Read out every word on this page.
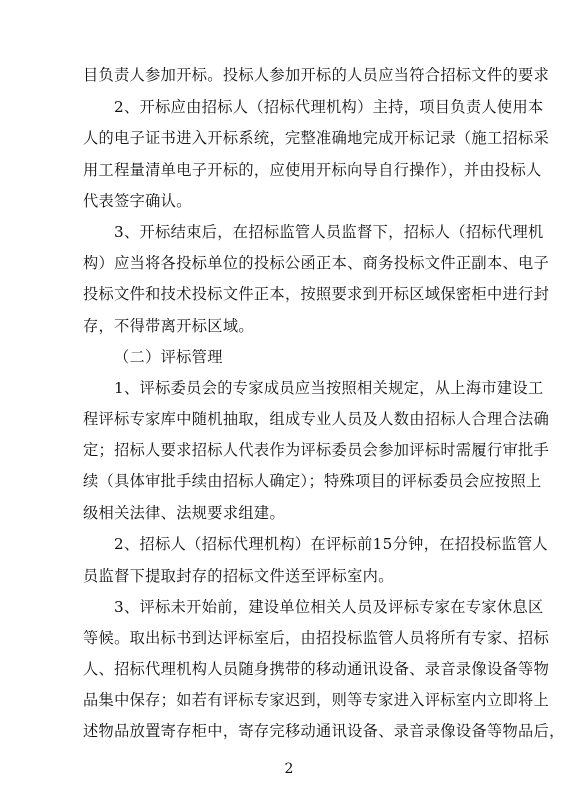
目负责人参加开标。投标人参加开标的人员应当符合招标文件的要求
2、开标应由招标人（招标代理机构）主持，项目负责人使用本
人的电子证书进入开标系统，完整准确地完成开标记录（施工招标采
用工程量清单电子开标的，应使用开标向导自行操作），并由投标人
代表签字确认。
3、开标结束后，在招标监管人员监督下，招标人（招标代理机
构）应当将各投标单位的投标公函正本、商务投标文件正副本、电子
投标文件和技术投标文件正本，按照要求到开标区域保密柜中进行封
存，不得带离开标区域。
（二）评标管理
1、评标委员会的专家成员应当按照相关规定，从上海市建设工
程评标专家库中随机抽取，组成专业人员及人数由招标人合理合法确
定；招标人要求招标人代表作为评标委员会参加评标时需履行审批手
续（具体审批手续由招标人确定）；特殊项目的评标委员会应按照上
级相关法律、法规要求组建。
2、招标人（招标代理机构）在评标前15分钟，在招投标监管人
员监督下提取封存的招标文件送至评标室内。
3、评标未开始前，建设单位相关人员及评标专家在专家休息区
等候。取出标书到达评标室后，由招投标监管人员将所有专家、招标
人、招标代理机构人员随身携带的移动通讯设备、录音录像设备等物
品集中保存；如若有评标专家迟到，则等专家进入评标室内立即将上
述物品放置寄存柜中，寄存完移动通讯设备、录音录像设备等物品后，
2
